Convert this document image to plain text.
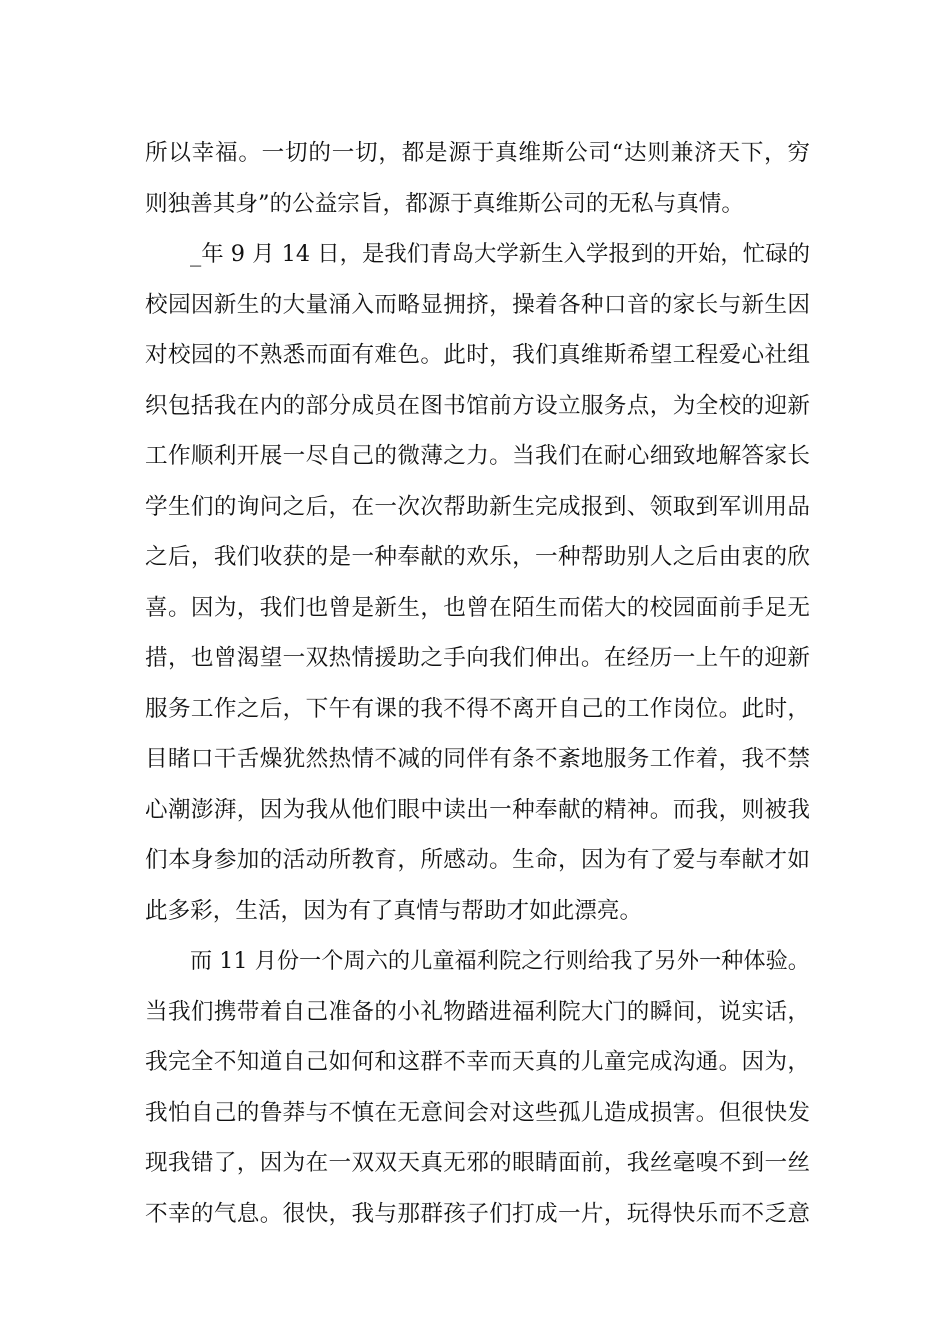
所以幸福。一切的一切，都是源于真维斯公司“达则兼济天下，穷
则独善其身”的公益宗旨，都源于真维斯公司的无私与真情。
_年 9 月 14 日，是我们青岛大学新生入学报到的开始，忙碌的
校园因新生的大量涌入而略显拥挤，操着各种口音的家长与新生因
对校园的不熟悉而面有难色。此时，我们真维斯希望工程爱心社组
织包括我在内的部分成员在图书馆前方设立服务点，为全校的迎新
工作顺利开展一尽自己的微薄之力。当我们在耐心细致地解答家长
学生们的询问之后，在一次次帮助新生完成报到、领取到军训用品
之后，我们收获的是一种奉献的欢乐，一种帮助别人之后由衷的欣
喜。因为，我们也曾是新生，也曾在陌生而偌大的校园面前手足无
措，也曾渴望一双热情援助之手向我们伸出。在经历一上午的迎新
服务工作之后，下午有课的我不得不离开自己的工作岗位。此时，
目睹口干舌燥犹然热情不减的同伴有条不紊地服务工作着，我不禁
心潮澎湃，因为我从他们眼中读出一种奉献的精神。而我，则被我
们本身参加的活动所教育，所感动。生命，因为有了爱与奉献才如
此多彩，生活，因为有了真情与帮助才如此漂亮。
而 11 月份一个周六的儿童福利院之行则给我了另外一种体验。
当我们携带着自己准备的小礼物踏进福利院大门的瞬间，说实话，
我完全不知道自己如何和这群不幸而天真的儿童完成沟通。因为，
我怕自己的鲁莽与不慎在无意间会对这些孤儿造成损害。但很快发
现我错了，因为在一双双天真无邪的眼睛面前，我丝毫嗅不到一丝
不幸的气息。很快，我与那群孩子们打成一片，玩得快乐而不乏意
